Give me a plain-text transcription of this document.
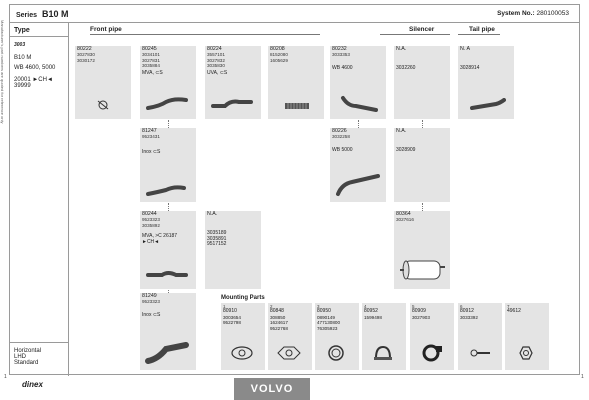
Series B10 M	System No.: 280100053
Type
3003
B10 M
WB 4600, 5000
20001 ►CH◄
39999
Horizontal
LHD
Standard
Manufacturer's part numbers are quoted for reference only	Front pipe	Silencer	Tail pipe
80222
3027830
3030172
80245
3034101
3027831
3035884
MVA, ⊂S
80224
3557101
3027832
3035830
UVA, ⊂S
80208
8152080
1605629
80232
3033353
WB 4600
N.A.
3032260
N. A
3028914
81247
9523431
Inox ⊂S
80226
3032258
WB 5000
N.A.
3028909
80244
9523323
3035892
MVA, >C 26187 ►CH◄
N.A.
3035189 3035891 9517152
80364
3027616
81249
9523323
Inox ⊂S
Mounting Parts
1
80910
3003654
9522798
2
80848
308850
1624617
9522768
3
80950
0890149
477130800
76305923
4
80952
1599498
5
80909
3027903
6
80912
3033392
7
49612
dinex	VOLVO
1	1
